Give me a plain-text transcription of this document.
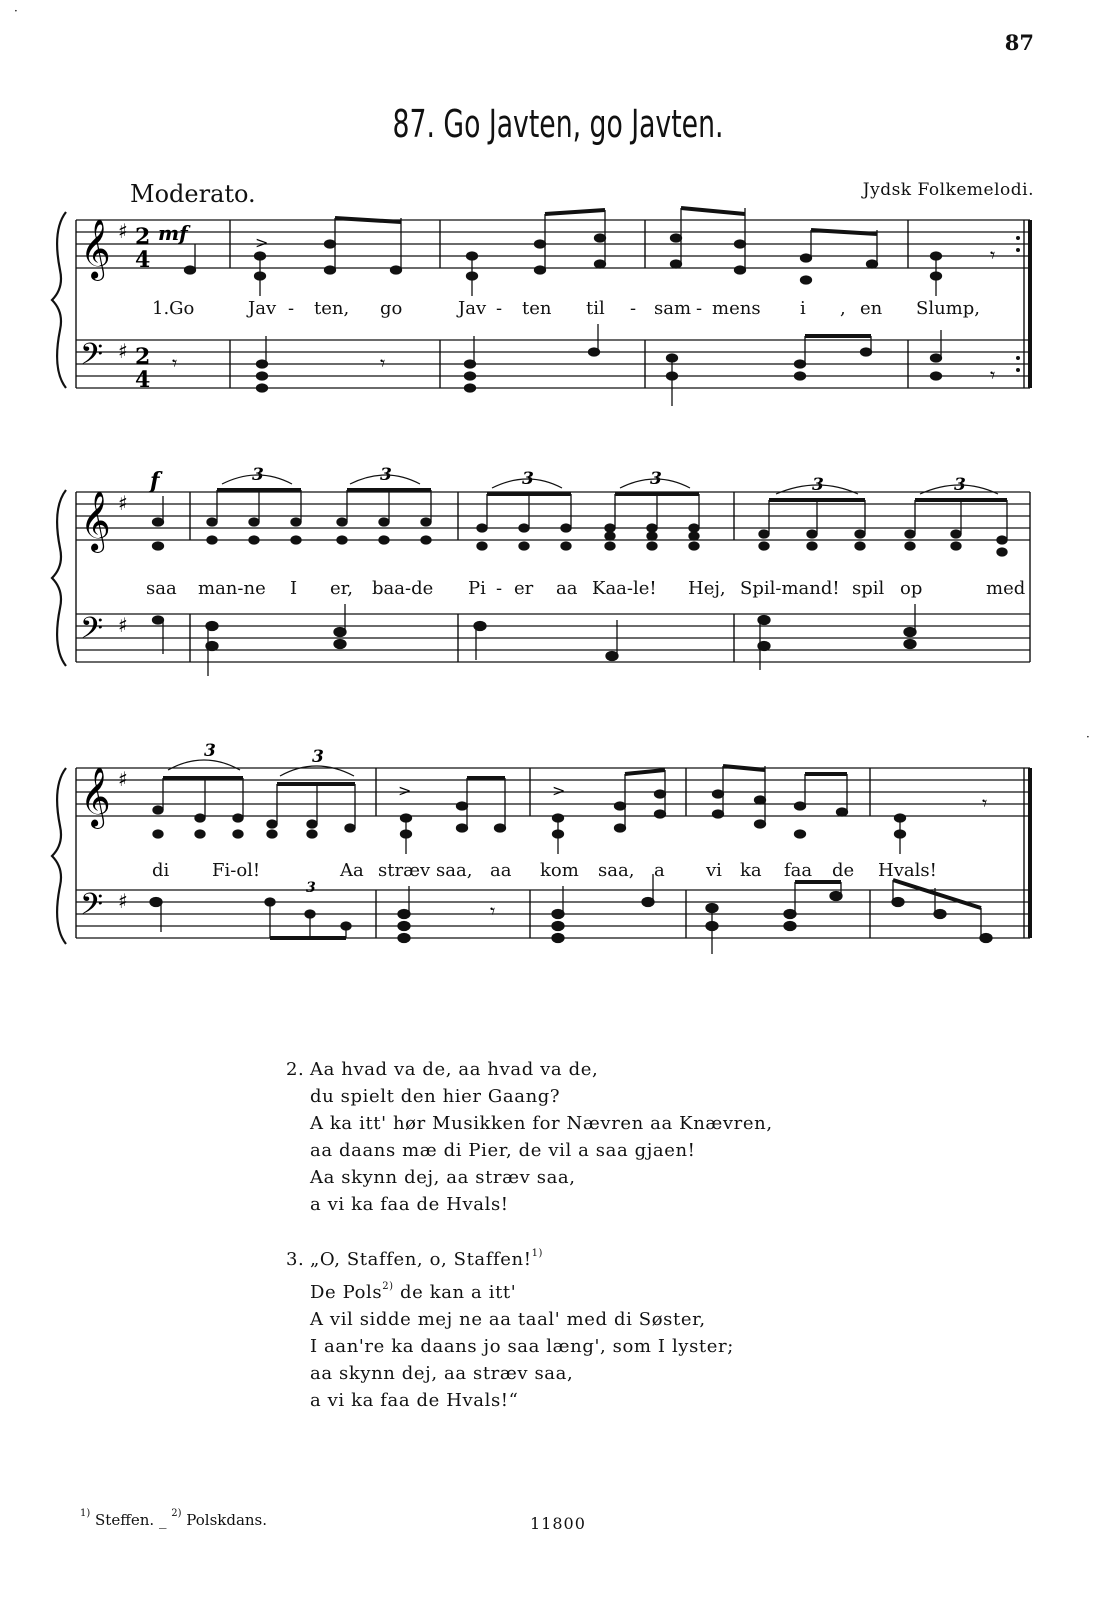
87
87. Go Javten, go Javten.
Moderato.	Jydsk Folkemelodi.
𝄞
𝄢
♯
♯
2
4
2
4
mf	>
𝄾
𝄾	𝄾	𝄾
1.Go	Jav - ten, go	Jav - ten til - sam - mens i , en Slump,
𝄞
𝄢
♯
♯
f	3	3	3	3	3	3
saa man-ne I er, baa-de Pi - er aa Kaa-le! Hej, Spil-mand! spil op	med
𝄞
𝄢
♯
♯
>	>
𝄾
3	3
𝄾
3
di Fi-ol!	Aa stræv saa, aa kom saa, a vi ka faa de Hvals!
·
·
2. Aa hvad va de, aa hvad va de,
du spielt den hier Gaang?
A ka itt' hør Musikken for Nævren aa Knævren,
aa daans mæ di Pier, de vil a saa gjaen!
Aa skynn dej, aa stræv saa,
a vi ka faa de Hvals!
3. „O, Staffen, o, Staffen!$^{1)}$
De Pols$^{2)}$ de kan a itt'
A vil sidde mej ne aa taal' med di Søster,
I aan're ka daans jo saa læng', som I lyster;
aa skynn dej, aa stræv saa,
a vi ka faa de Hvals!“
$^{1)}$ Steffen. _ $^{2)}$ Polskdans.	11800
